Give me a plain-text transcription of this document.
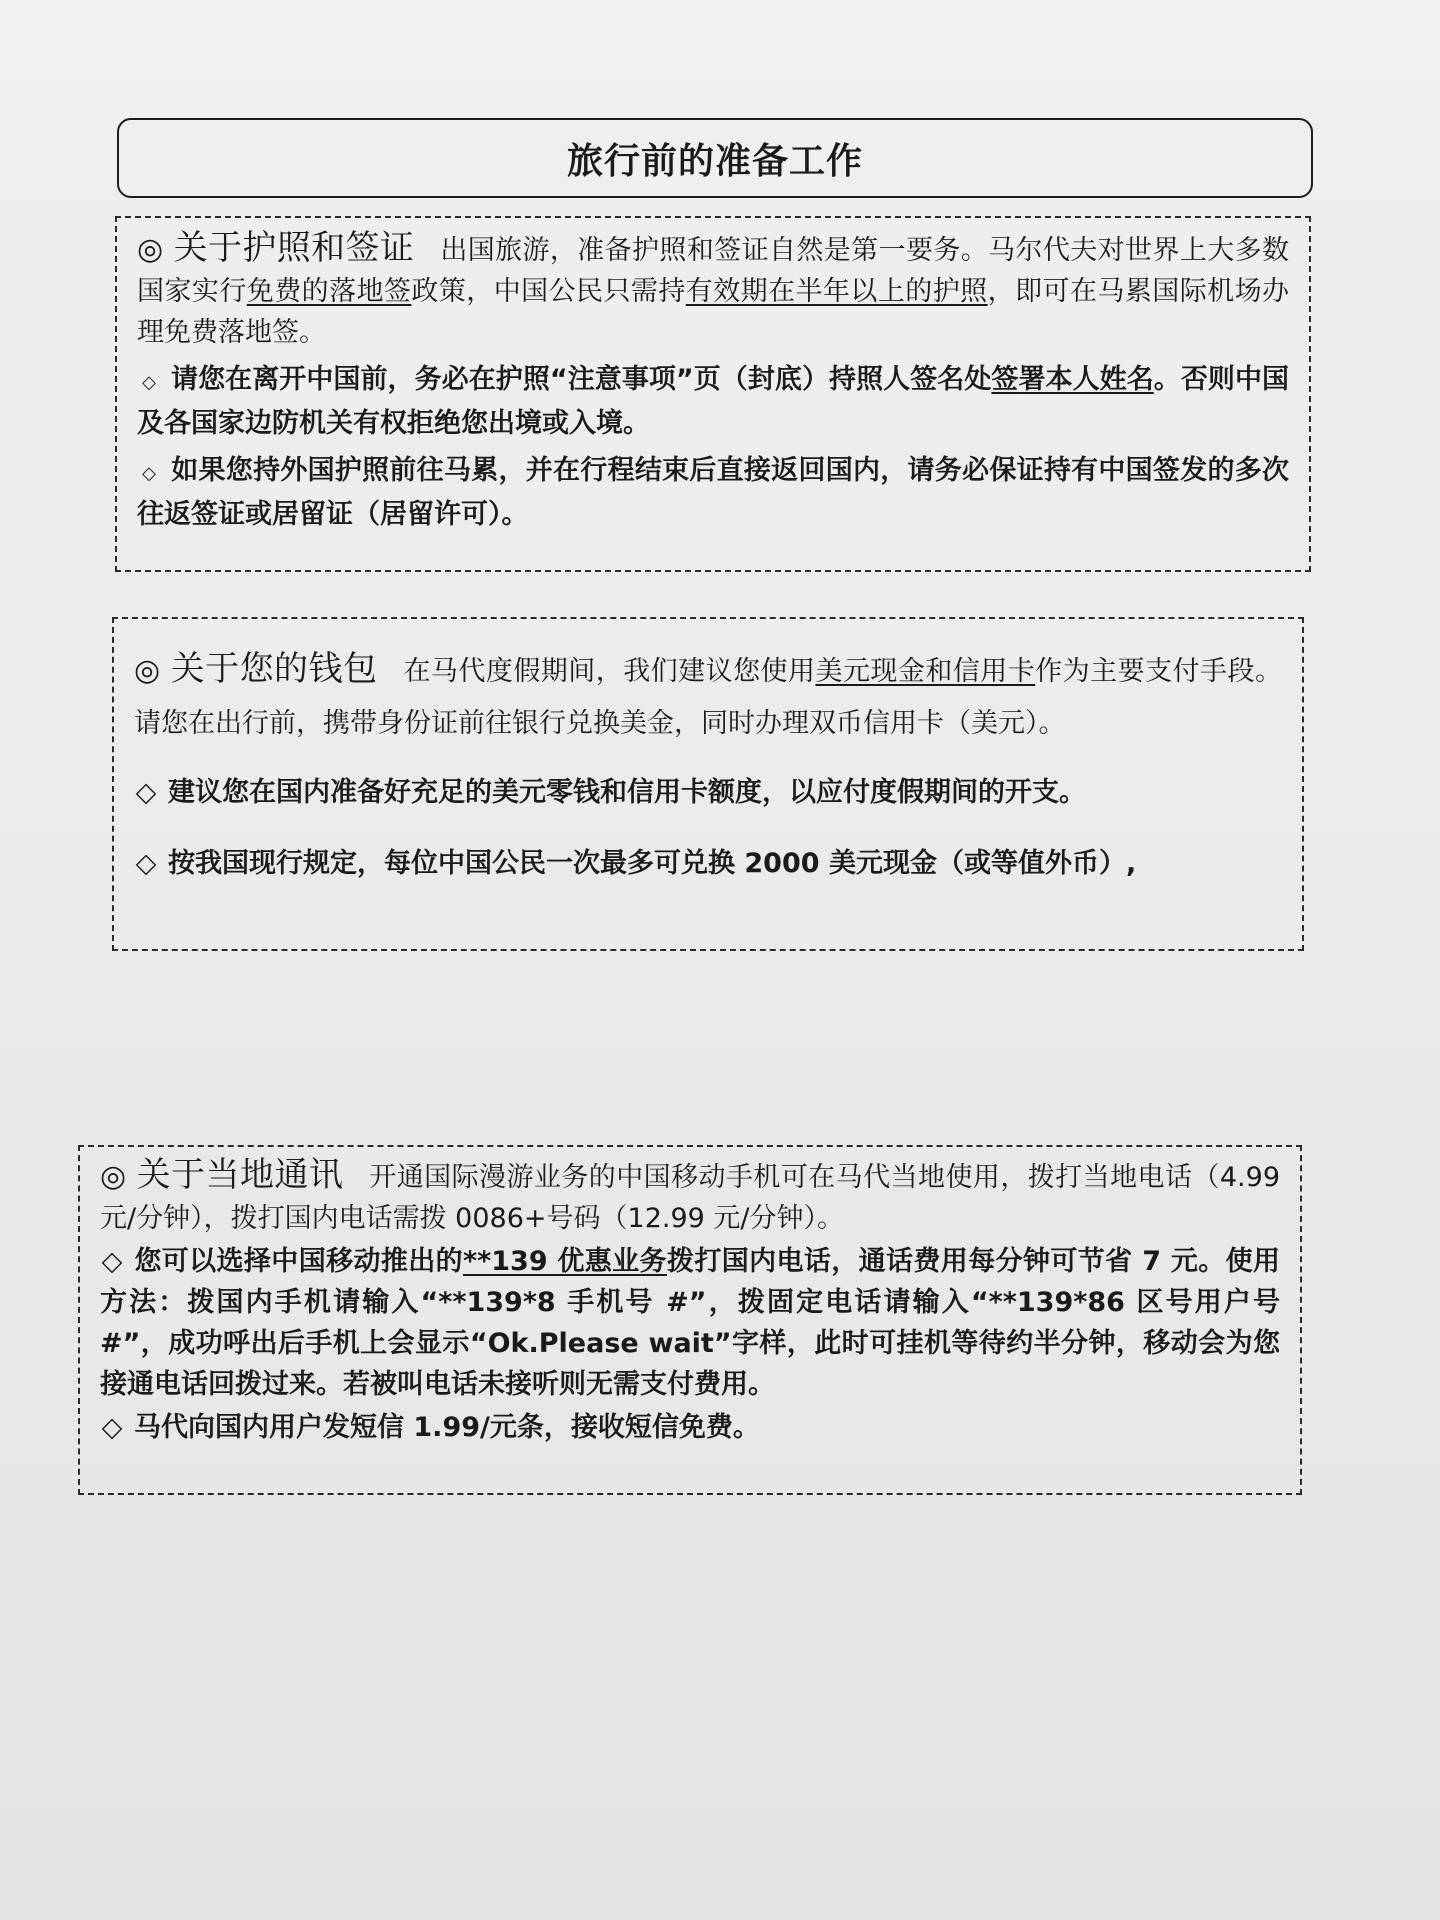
旅行前的准备工作

◎ 关于护照和签证 出国旅游，准备护照和签证自然是第一要务。马尔代夫对世界上大多数国家实行免费的落地签政策，中国公民只需持有效期在半年以上的护照，即可在马累国际机场办理免费落地签。

◇ 请您在离开中国前，务必在护照“注意事项”页（封底）持照人签名处签署本人姓名。否则中国及各国家边防机关有权拒绝您出境或入境。

◇ 如果您持外国护照前往马累，并在行程结束后直接返回国内，请务必保证持有中国签发的多次往返签证或居留证（居留许可）。

◎ 关于您的钱包 在马代度假期间，我们建议您使用美元现金和信用卡作为主要支付手段。请您在出行前，携带身份证前往银行兑换美金，同时办理双币信用卡（美元）。

◇ 建议您在国内准备好充足的美元零钱和信用卡额度，以应付度假期间的开支。

◇ 按我国现行规定，每位中国公民一次最多可兑换 2000 美元现金（或等值外币）,

◎ 关于当地通讯 开通国际漫游业务的中国移动手机可在马代当地使用，拨打当地电话（4.99 元/分钟），拨打国内电话需拨 0086+号码（12.99 元/分钟）。

◇ 您可以选择中国移动推出的**139 优惠业务拨打国内电话，通话费用每分钟可节省 7 元。使用方法：拨国内手机请输入“**139*8 手机号 #”，拨固定电话请输入“**139*86 区号用户号 #”，成功呼出后手机上会显示“Ok.Please wait”字样，此时可挂机等待约半分钟，移动会为您接通电话回拨过来。若被叫电话未接听则无需支付费用。

◇ 马代向国内用户发短信 1.99/元条，接收短信免费。
